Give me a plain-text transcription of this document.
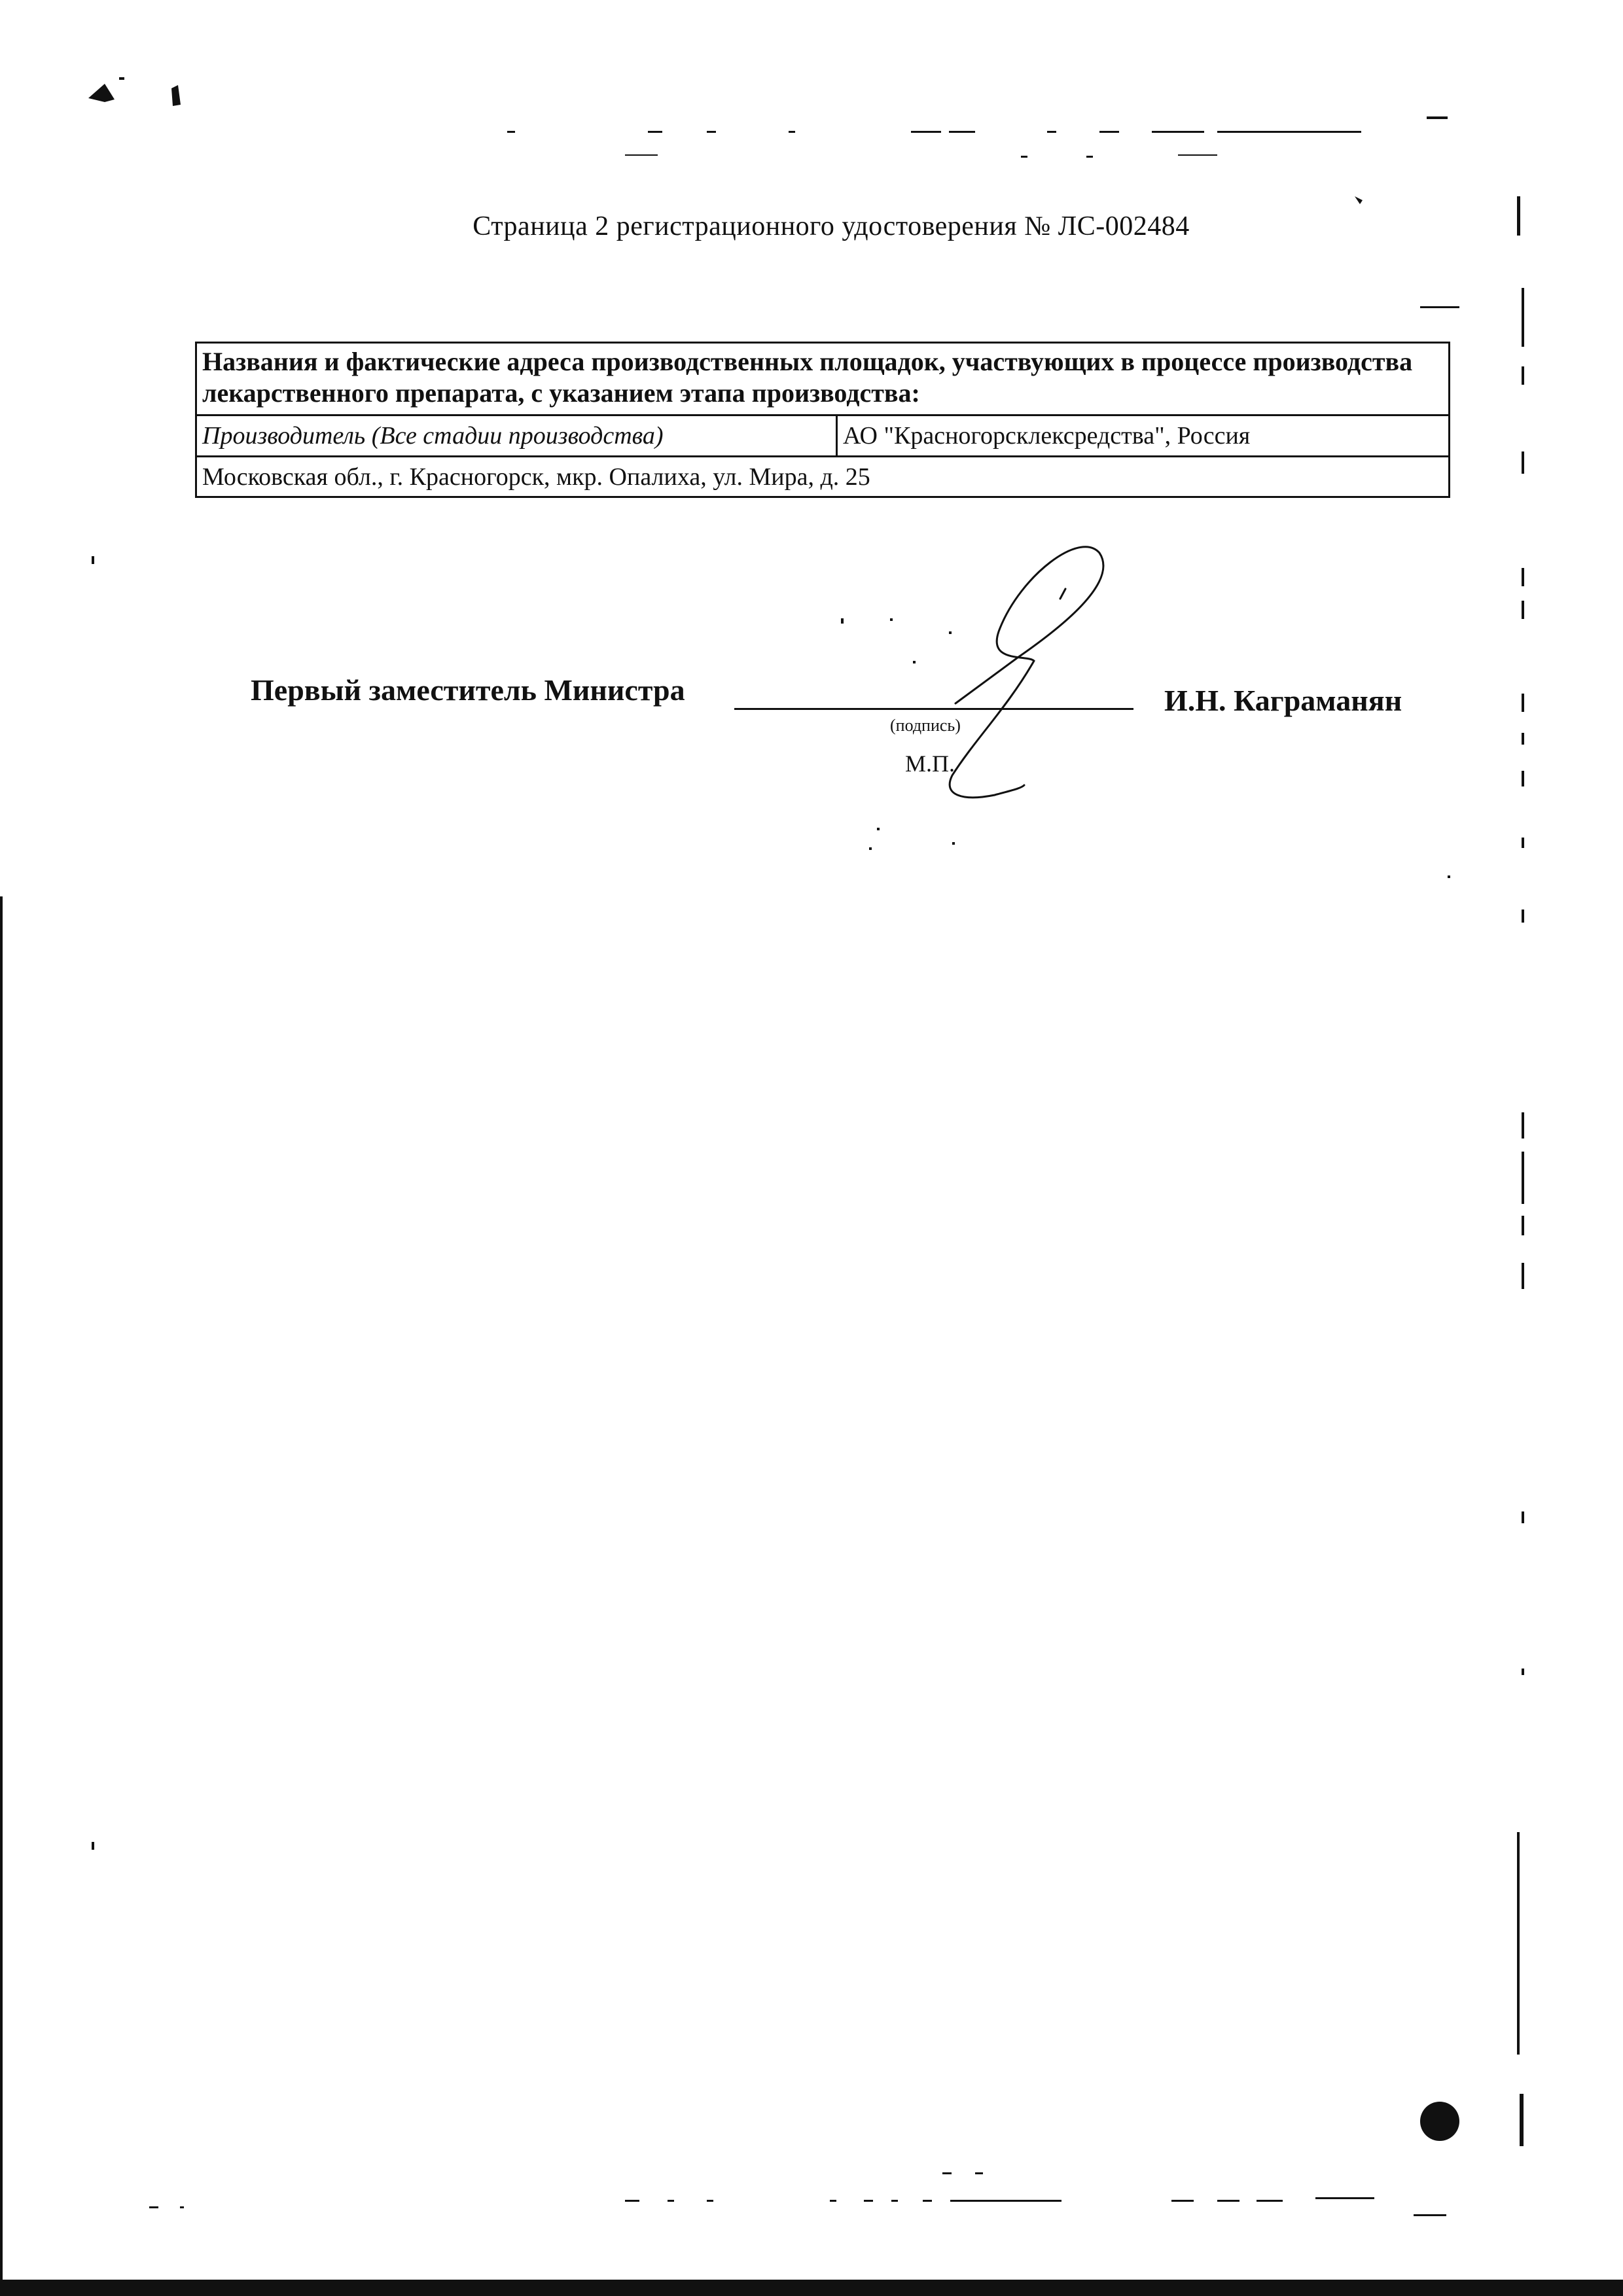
Страница 2 регистрационного удостоверения № ЛС-002484
Названия и фактические адреса производственных площадок, участвующих в процессе производства лекарственного препарата, с указанием этапа производства:
Производитель (Все стадии производства)	АО "Красногорсклексредства", Россия
Московская обл., г. Красногорск, мкр. Опалиха, ул. Мира, д. 25
Первый заместитель Министра
(подпись)
М.П.
И.Н. Каграманян
